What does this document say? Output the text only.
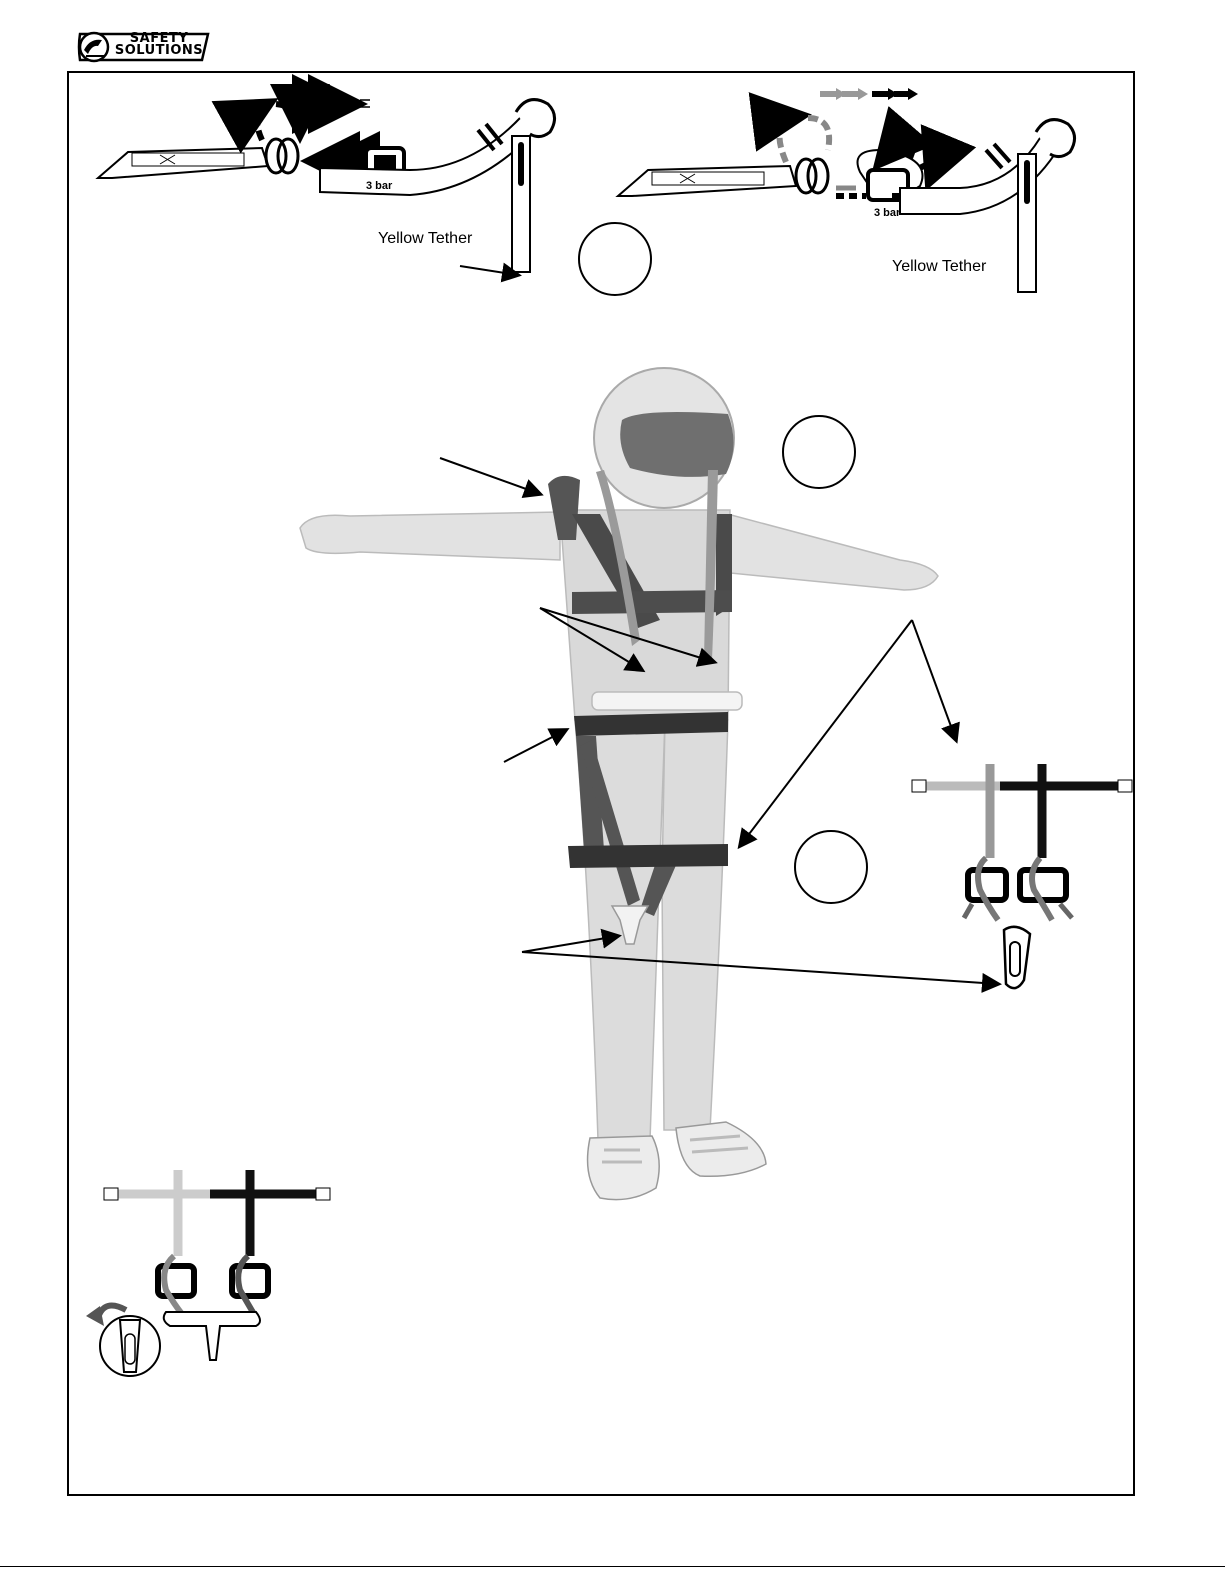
SAFETY
SOLUTIONS
3 bar
Yellow Tether
3 bar
Yellow Tether
